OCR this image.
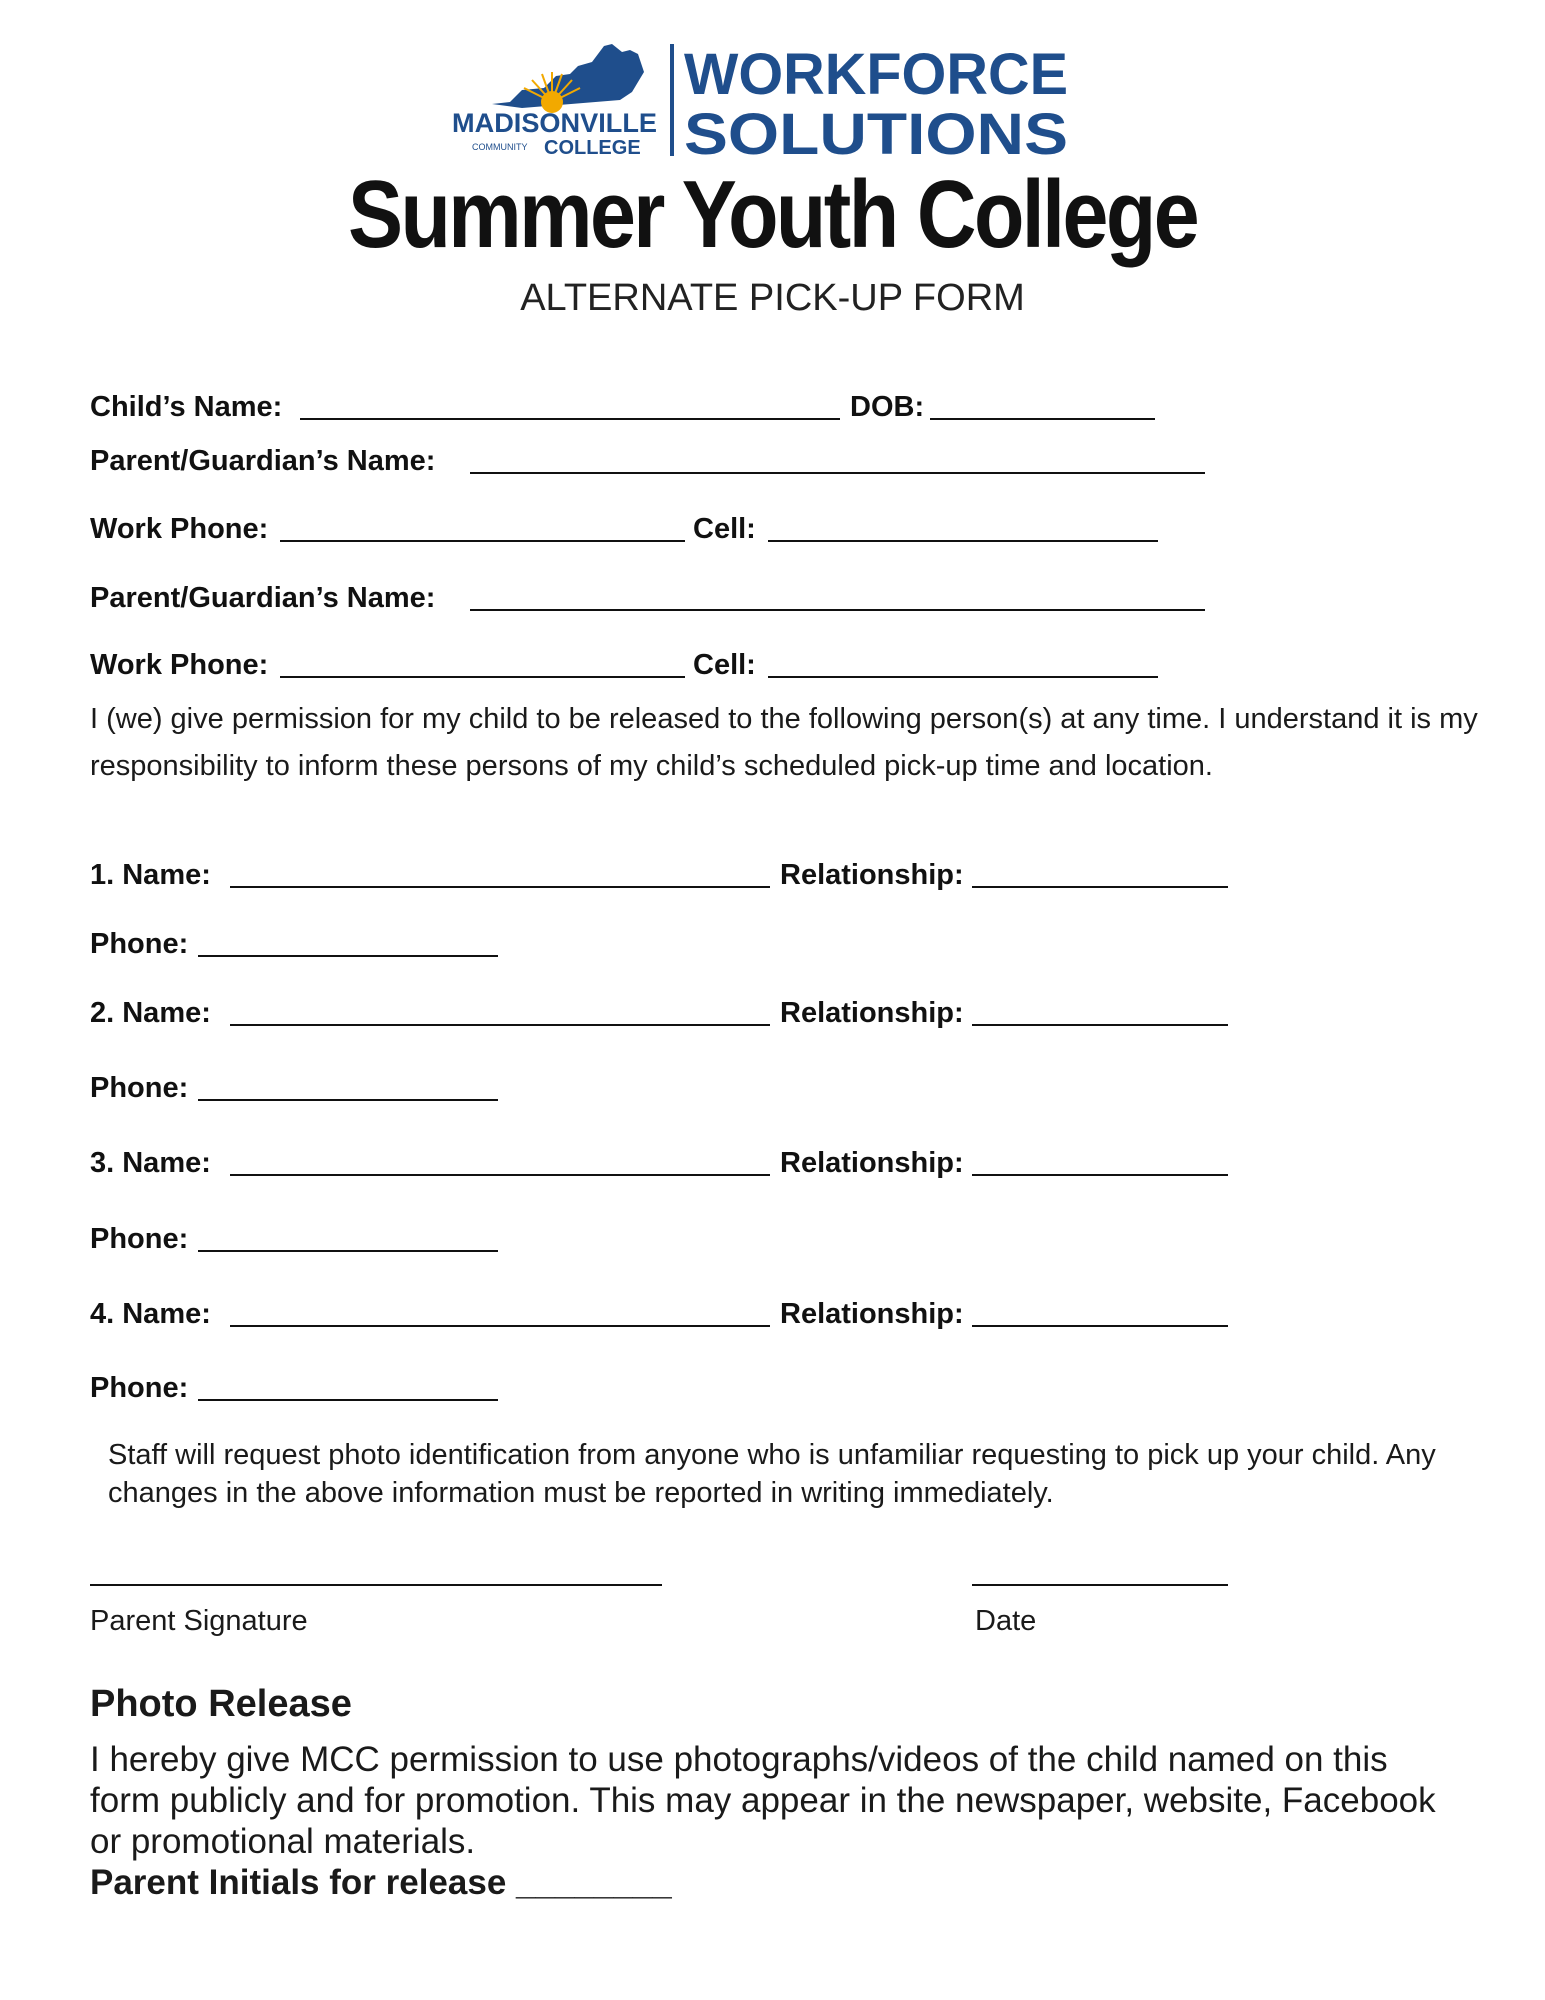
MADISONVILLE
COMMUNITY COLLEGE
WORKFORCE
SOLUTIONS
Summer Youth College
ALTERNATE PICK-UP FORM
Child’s Name:	DOB:
Parent/Guardian’s Name:
Work Phone:	Cell:
Parent/Guardian’s Name:
Work Phone:	Cell:
I (we) give permission for my child to be released to the following person(s) at any time. I understand it is my responsibility to inform these persons of my child’s scheduled pick-up time and location.
1. Name:	Relationship:
Phone:
2. Name:	Relationship:
Phone:
3. Name:	Relationship:
Phone:
4. Name:	Relationship:
Phone:
Staff will request photo identification from anyone who is unfamiliar requesting to pick up your child. Any changes in the above information must be reported in writing immediately.
Parent Signature	Date
Photo Release
I hereby give MCC permission to use photographs/videos of the child named on this form publicly and for promotion. This may appear in the newspaper, website, Facebook or promotional materials.
Parent Initials for release ________
